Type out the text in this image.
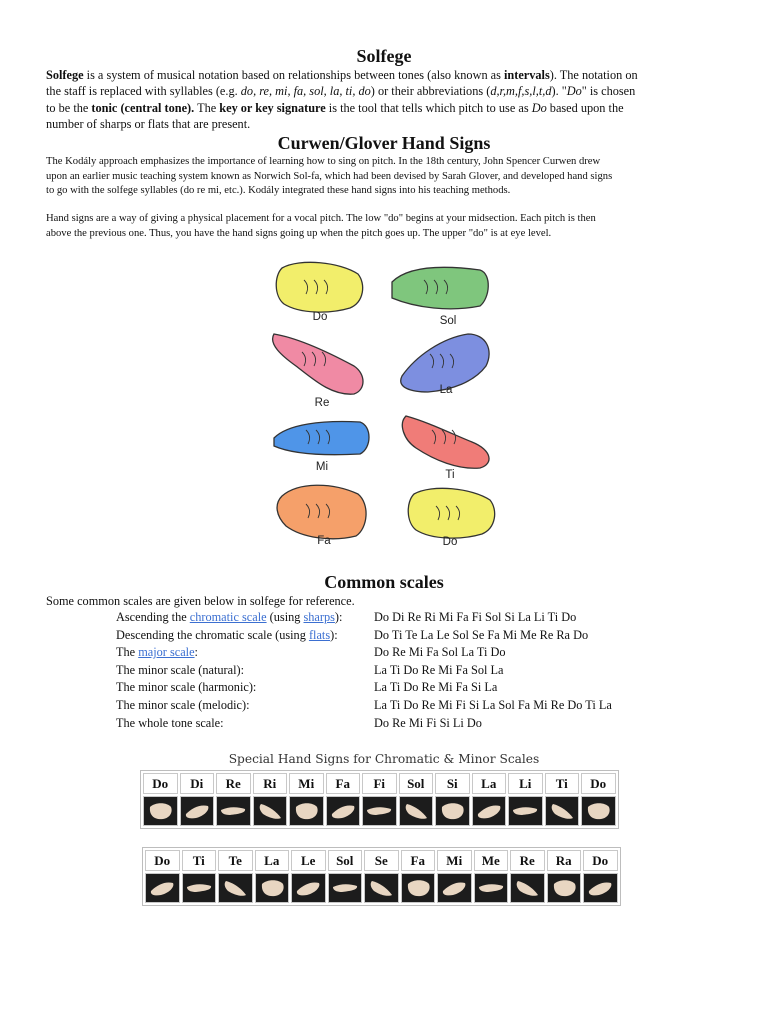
Solfege
Solfege is a system of musical notation based on relationships between tones (also known as intervals). The notation on
the staff is replaced with syllables (e.g. do, re, mi, fa, sol, la, ti, do) or their abbreviations (d,r,m,f,s,l,t,d). "Do" is chosen
to be the tonic (central tone). The key or key signature is the tool that tells which pitch to use as Do based upon the
number of sharps or flats that are present.
Curwen/Glover Hand Signs
The Kodály approach emphasizes the importance of learning how to sing on pitch. In the 18th century, John Spencer Curwen drew
upon an earlier music teaching system known as Norwich Sol-fa, which had been devised by Sarah Glover, and developed hand signs
to go with the solfege syllables (do re mi, etc.). Kodály integrated these hand signs into his teaching methods.
Hand signs are a way of giving a physical placement for a vocal pitch. The low "do" begins at your midsection. Each pitch is then
above the previous one. Thus, you have the hand signs going up when the pitch goes up. The upper "do" is at eye level.
Do	Sol
Re
La
Mi
Ti
Fa	Do
Common scales
Some common scales are given below in solfege for reference.
Ascending the chromatic scale (using sharps):	Do Di Re Ri Mi Fa Fi Sol Si La Li Ti Do
Descending the chromatic scale (using flats):	Do Ti Te La Le Sol Se Fa Mi Me Re Ra Do
The major scale:	Do Re Mi Fa Sol La Ti Do
The minor scale (natural):	La Ti Do Re Mi Fa Sol La
The minor scale (harmonic):	La Ti Do Re Mi Fa Si La
The minor scale (melodic):	La Ti Do Re Mi Fi Si La Sol Fa Mi Re Do Ti La
The whole tone scale:	Do Re Mi Fi Si Li Do
Special Hand Signs for Chromatic & Minor Scales
Do	Di	Re	Ri	Mi	Fa	Fi	Sol	Si	La	Li	Ti	Do

Do	Ti	Te	La	Le	Sol	Se	Fa	Mi	Me	Re	Ra	Do
